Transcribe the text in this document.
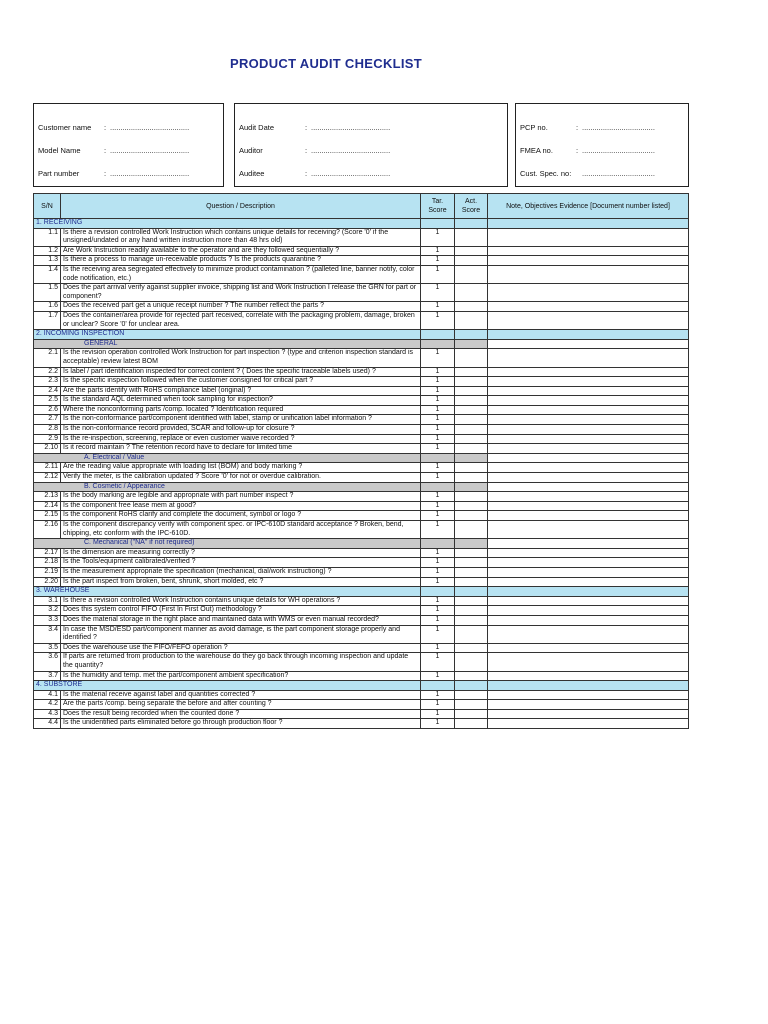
PRODUCT AUDIT CHECKLIST
Customer name : ......................................
Model Name	: ......................................
Part number	: ......................................
Audit Date	: ......................................
Auditor	: ......................................
Auditee	: ......................................
PCP no.	: ...................................
FMEA no.	: ...................................
Cust. Spec. no: ...................................
S/N	Question / Description	Tar. Score	Act. Score	Note, Objectives Evidence [Document number listed]
1. RECEIVING				
1.1	Is there a revision controlled Work Instruction which contains unique details for receiving? (Score '0' if the unsigned/undated or any hand written instruction more than 48 hrs old)	1		
1.2	Are Work Instruction readily available to the operator and are they followed sequentially ?	1		
1.3	Is there a process to manage un-receivable products ? Is the products quarantine ?	1		
1.4	Is the receiving area segregated effectively to minimize product contamination ? (palleted line, banner notify, color code notification, etc.)	1		
1.5	Does the part arrival verify against supplier invoice, shipping list and Work Instruction I release the GRN for part or component?	1		
1.6	Does the received part get a unique receipt number ? The number reflect the parts ?	1		
1.7	Does the container/area provide for rejected part received, correlate with the packaging problem, damage, broken or unclear? Score '0' for unclear area.	1		
2. INCOMING INSPECTION				
GENERAL				
2.1	Is the revision operation controlled Work Instruction for part inspection ? (type and criterion inspection standard is acceptable) review latest BOM	1		
2.2	Is label / part identification inspected for correct content ? ( Does the specific traceable labels used) ?	1		
2.3	Is the specific inspection followed when the customer consigned for critical part ?	1		
2.4	Are the parts identify with RoHS compliance label (original) ?	1		
2.5	Is the standard AQL determined when took sampling for inspection?	1		
2.6	Where the nonconforming parts /comp. located ? Identification required	1		
2.7	Is the non-conformance part/component identified with label, stamp or unification label information ?	1		
2.8	Is the non-conformance record provided, SCAR and follow-up for closure ?	1		
2.9	Is the re-inspection, screening, replace or even customer waive recorded ?	1		
2.10	Is it record maintain ? The retention record have to declare for limited time	1		
A. Electrical / Value				
2.11	Are the reading value appropriate with loading list (BOM) and body marking ?	1		
2.12	Verify the meter, is the calibration updated ? Score '0' for not or overdue calibration.	1		
B. Cosmetic / Appearance				
2.13	Is the body marking are legible and appropriate with part number inspect ?	1		
2.14	Is the component free lease mem at good?	1		
2.15	Is the component RoHS clarify and complete the document, symbol or logo ?	1		
2.16	Is the component discrepancy verify with component spec. or IPC-610D standard acceptance ? Broken, bend, chipping, etc conform with the IPC-610D.	1		
C. Mechanical ("NA" if not required)				
2.17	Is the dimension are measuring correctly ?	1		
2.18	Is the Tools/equipment calibrated/verified ?	1		
2.19	Is the measurement appropriate the specification (mechanical, dial/work instructiong) ?	1		
2.20	Is the part inspect from broken, bent, shrunk, short molded, etc ?	1		
3. WAREHOUSE				
3.1	Is there a revision controlled Work Instruction contains unique details for WH operations ?	1		
3.2	Does this system control FIFO (First In First Out) methodology ?	1		
3.3	Does the material storage in the right place and maintained data with WMS or even manual recorded?	1		
3.4	In case the MSD/ESD part/component manner as avoid damage, is the part component storage properly and identified ?	1		
3.5	Does the warehouse use the FIFO/FEFO operation ?	1		
3.6	If parts are returned from production to the warehouse do they go back through incoming inspection and update the quantity?	1		
3.7	Is the humidity and temp. met the part/component ambient specification?	1		
4. SUBSTORE				
4.1	Is the material receive against label and quantities corrected ?	1		
4.2	Are the parts /comp. being separate the before and after counting ?	1		
4.3	Does the result being recorded when the counted done ?	1		
4.4	Is the unidentified parts eliminated before go through production floor ?	1		
